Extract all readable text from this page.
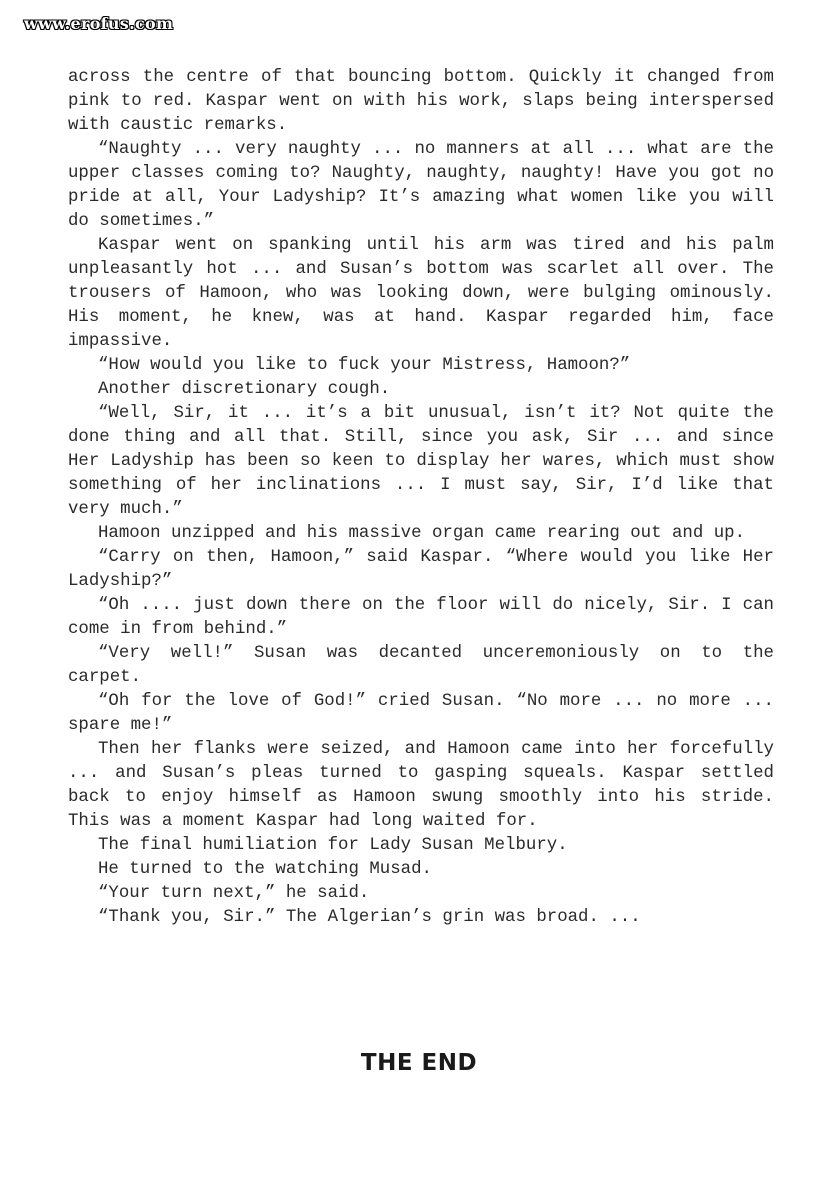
www.erofus.com

across the centre of that bouncing bottom. Quickly it changed from pink to red. Kaspar went on with his work, slaps being interspersed with caustic remarks.

“Naughty ... very naughty ... no manners at all ... what are the upper classes coming to? Naughty, naughty, naughty! Have you got no pride at all, Your Ladyship? It’s amazing what women like you will do sometimes.”

Kaspar went on spanking until his arm was tired and his palm unpleasantly hot ... and Susan’s bottom was scarlet all over. The trousers of Hamoon, who was looking down, were bulging ominously. His moment, he knew, was at hand. Kaspar regarded him, face impassive.

“How would you like to fuck your Mistress, Hamoon?”

Another discretionary cough.

“Well, Sir, it ... it’s a bit unusual, isn’t it? Not quite the done thing and all that. Still, since you ask, Sir ... and since Her Ladyship has been so keen to display her wares, which must show something of her inclinations ... I must say, Sir, I’d like that very much.”

Hamoon unzipped and his massive organ came rearing out and up.

“Carry on then, Hamoon,” said Kaspar. “Where would you like Her Ladyship?”

“Oh .... just down there on the floor will do nicely, Sir. I can come in from behind.”

“Very well!” Susan was decanted unceremoniously on to the carpet.

“Oh for the love of God!” cried Susan. “No more ... no more ... spare me!”

Then her flanks were seized, and Hamoon came into her forcefully ... and Susan’s pleas turned to gasping squeals. Kaspar settled back to enjoy himself as Hamoon swung smoothly into his stride. This was a moment Kaspar had long waited for.

The final humiliation for Lady Susan Melbury.

He turned to the watching Musad.

“Your turn next,” he said.

“Thank you, Sir.” The Algerian’s grin was broad. ...

THE END
